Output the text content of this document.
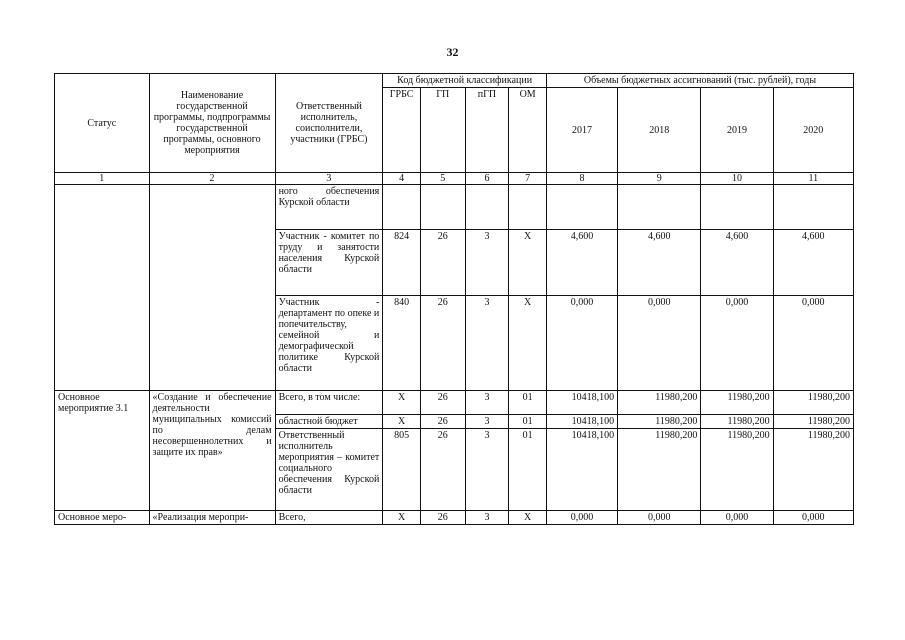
32
Статус	Наименование государственной программы, подпрограммы государственной программы, основного мероприятия	Ответственный исполнитель, соисполнители, участники (ГРБС)	Код бюджетной классификации				Объемы бюджетных ассигнований (тыс. рублей), годы			
			ГРБС	ГП	пГП	ОМ	2017	2018	2019	2020
1	2	3	4	5	6	7	8	9	10	11
		ного обеспечения Курской области								
		Участник - комитет по труду и занятости населения Курской области	824	26	3	Х	4,600	4,600	4,600	4,600
		Участник - департамент по опеке и попечительству, семейной и демографической политике Курской области	840	26	3	Х	0,000	0,000	0,000	0,000
Основное мероприятие 3.1	«Создание и обеспечение деятельности муниципальных комиссий по делам несовершеннолетних и защите их прав»	Всего, в том числе:	Х	26	3	01	10418,100	11980,200	11980,200	11980,200
		областной бюджет	Х	26	3	01	10418,100	11980,200	11980,200	11980,200
		Ответственный исполнитель мероприятия – комитет социального обеспечения Курской области	805	26	3	01	10418,100	11980,200	11980,200	11980,200
Основное меро-	«Реализация меропри-	Всего,	Х	26	3	Х	0,000	0,000	0,000	0,000
